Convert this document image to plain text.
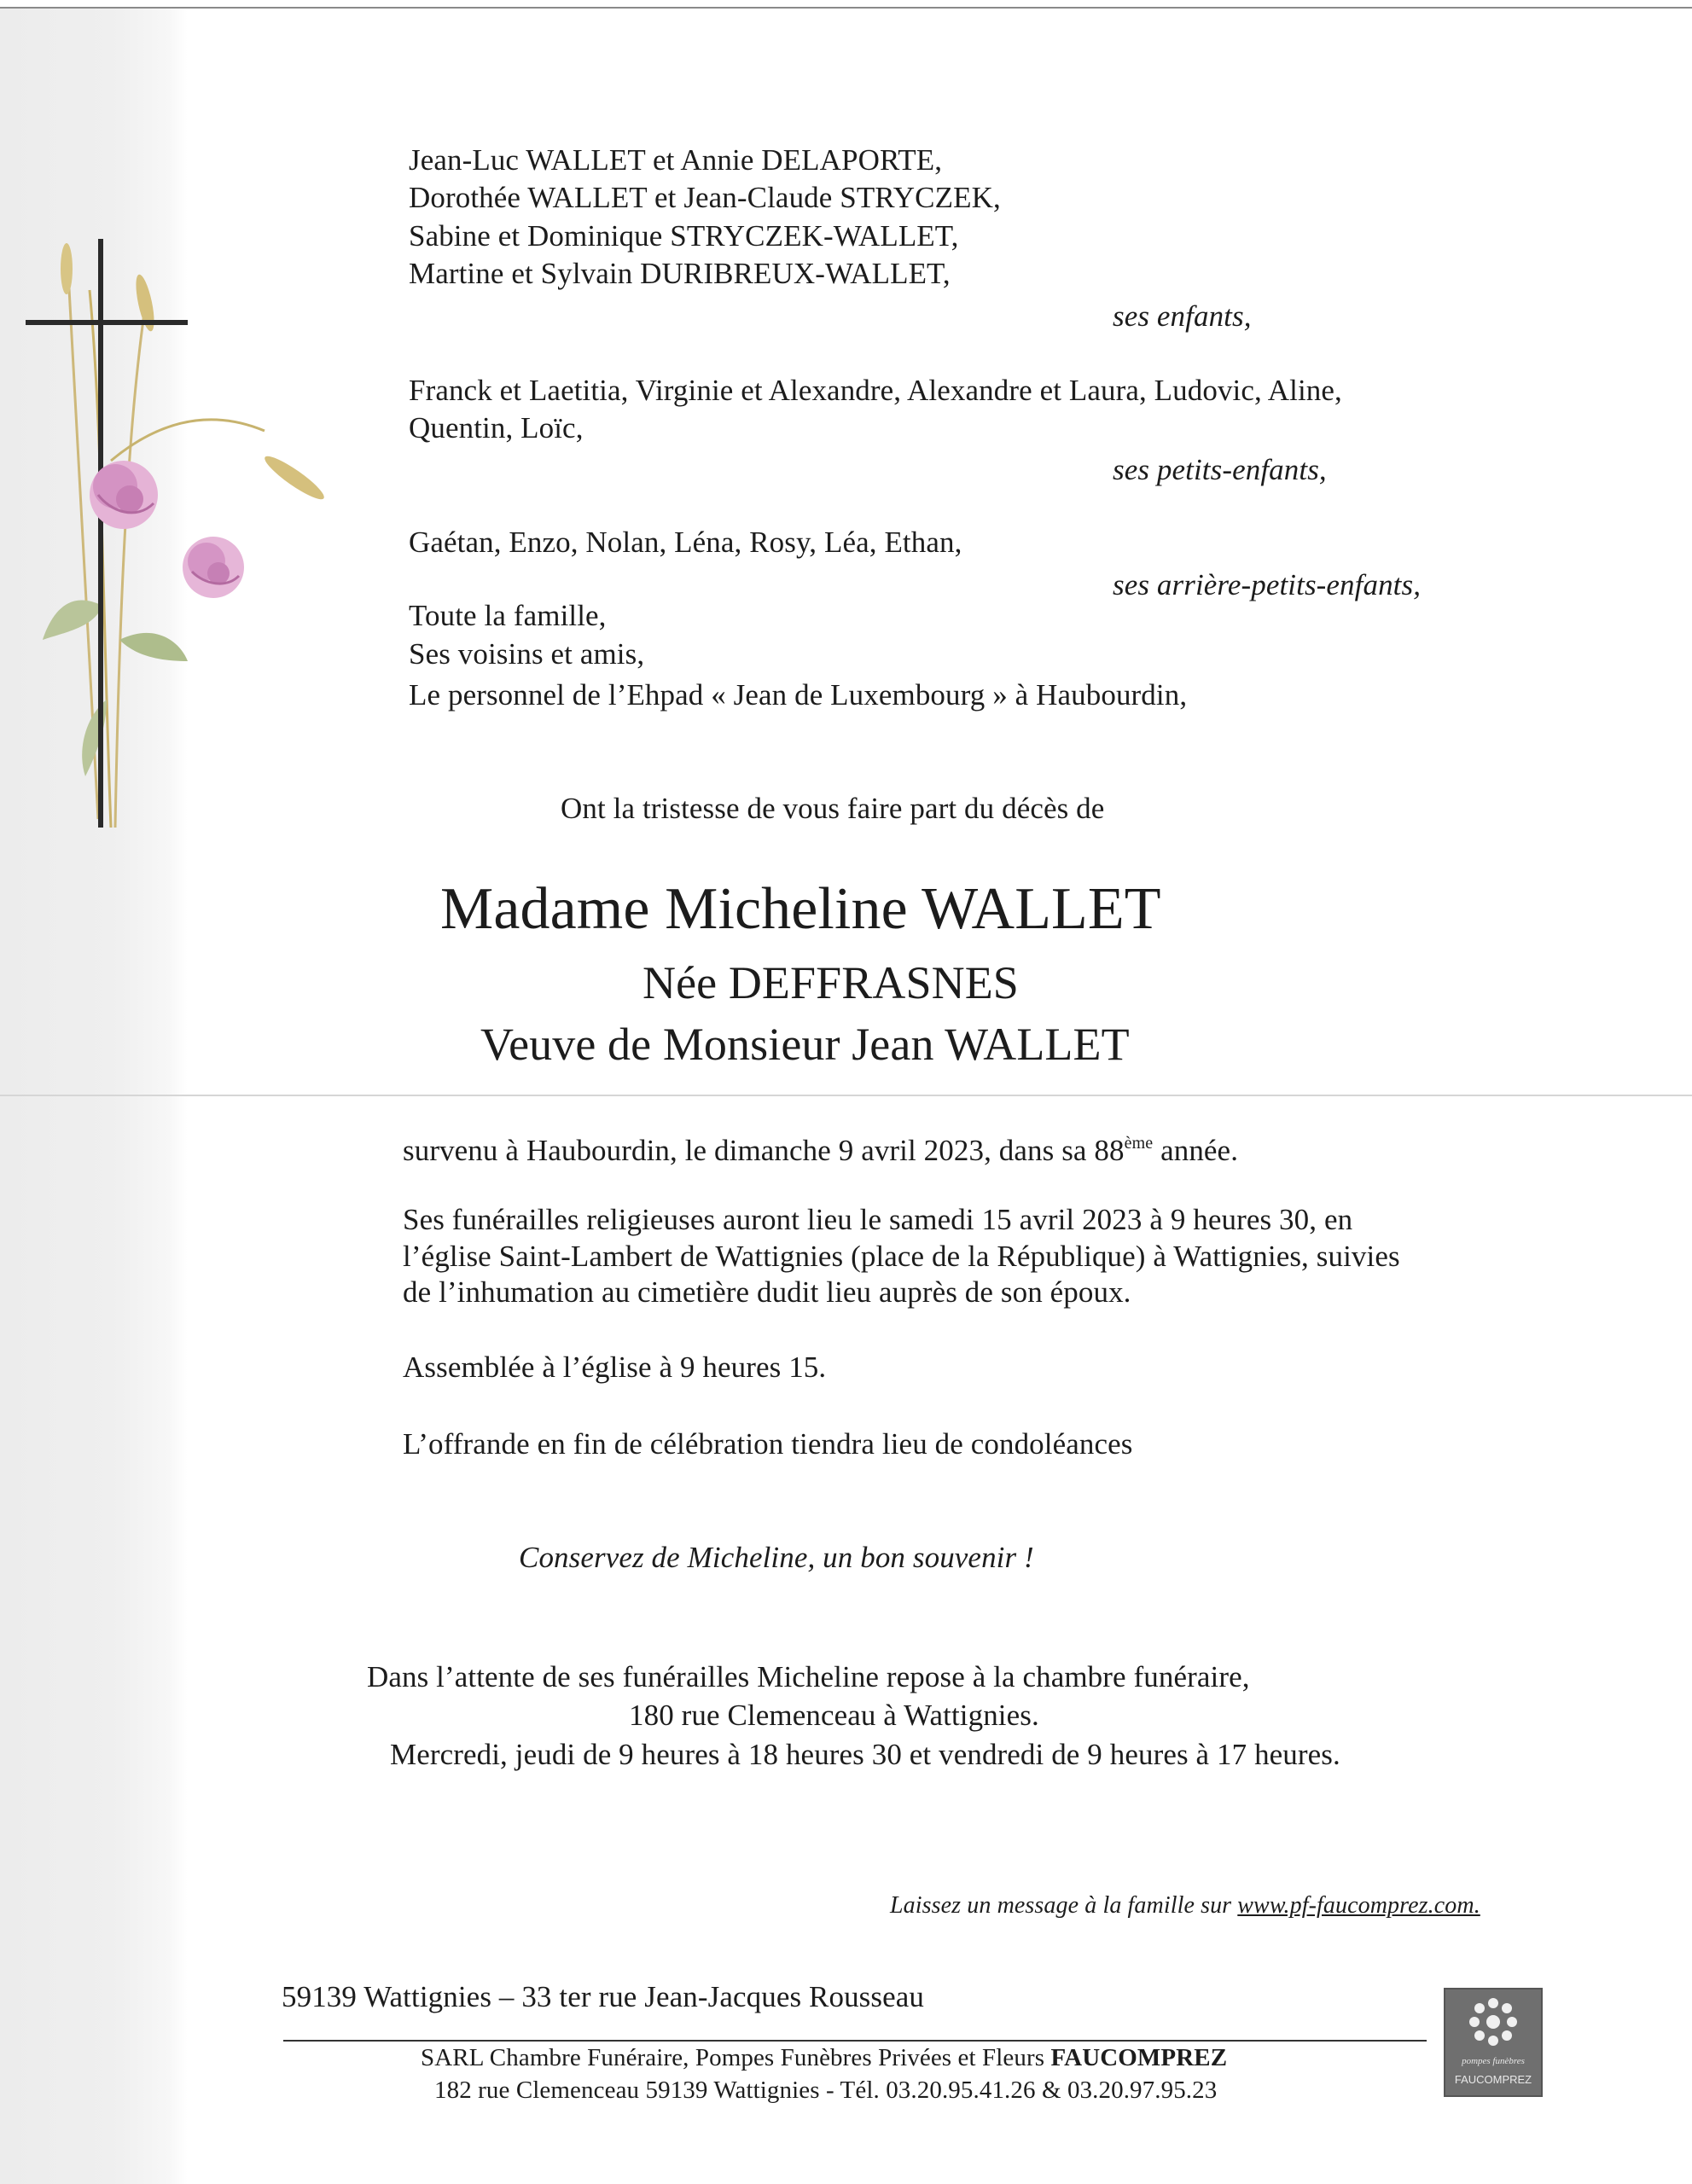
Jean-Luc WALLET et Annie DELAPORTE,
Dorothée WALLET et Jean-Claude STRYCZEK,
Sabine et Dominique STRYCZEK-WALLET,
Martine et Sylvain DURIBREUX-WALLET,
ses enfants,
Franck et Laetitia, Virginie et Alexandre, Alexandre et Laura, Ludovic, Aline,
Quentin, Loïc,
ses petits-enfants,
Gaétan, Enzo, Nolan, Léna, Rosy, Léa, Ethan,
ses arrière-petits-enfants,
Toute la famille,
Ses voisins et amis,
Le personnel de l’Ehpad « Jean de Luxembourg » à Haubourdin,
Ont la tristesse de vous faire part du décès de
Madame Micheline WALLET
Née DEFFRASNES
Veuve de Monsieur Jean WALLET
survenu à Haubourdin, le dimanche 9 avril 2023, dans sa 88ème année.
Ses funérailles religieuses auront lieu le samedi 15 avril 2023 à 9 heures 30, en
l’église Saint-Lambert de Wattignies (place de la République) à Wattignies, suivies
de l’inhumation au cimetière dudit lieu auprès de son époux.
Assemblée à l’église à 9 heures 15.
L’offrande en fin de célébration tiendra lieu de condoléances
Conservez de Micheline, un bon souvenir !
Dans l’attente de ses funérailles Micheline repose à la chambre funéraire,
180 rue Clemenceau à Wattignies.
Mercredi, jeudi de 9 heures à 18 heures 30 et vendredi de 9 heures à 17 heures.
Laissez un message à la famille sur www.pf-faucomprez.com.
59139 Wattignies – 33 ter rue Jean-Jacques Rousseau
SARL Chambre Funéraire, Pompes Funèbres Privées et Fleurs FAUCOMPREZ
182 rue Clemenceau 59139 Wattignies - Tél. 03.20.95.41.26 & 03.20.97.95.23
pompes funèbres
FAUCOMPREZ
